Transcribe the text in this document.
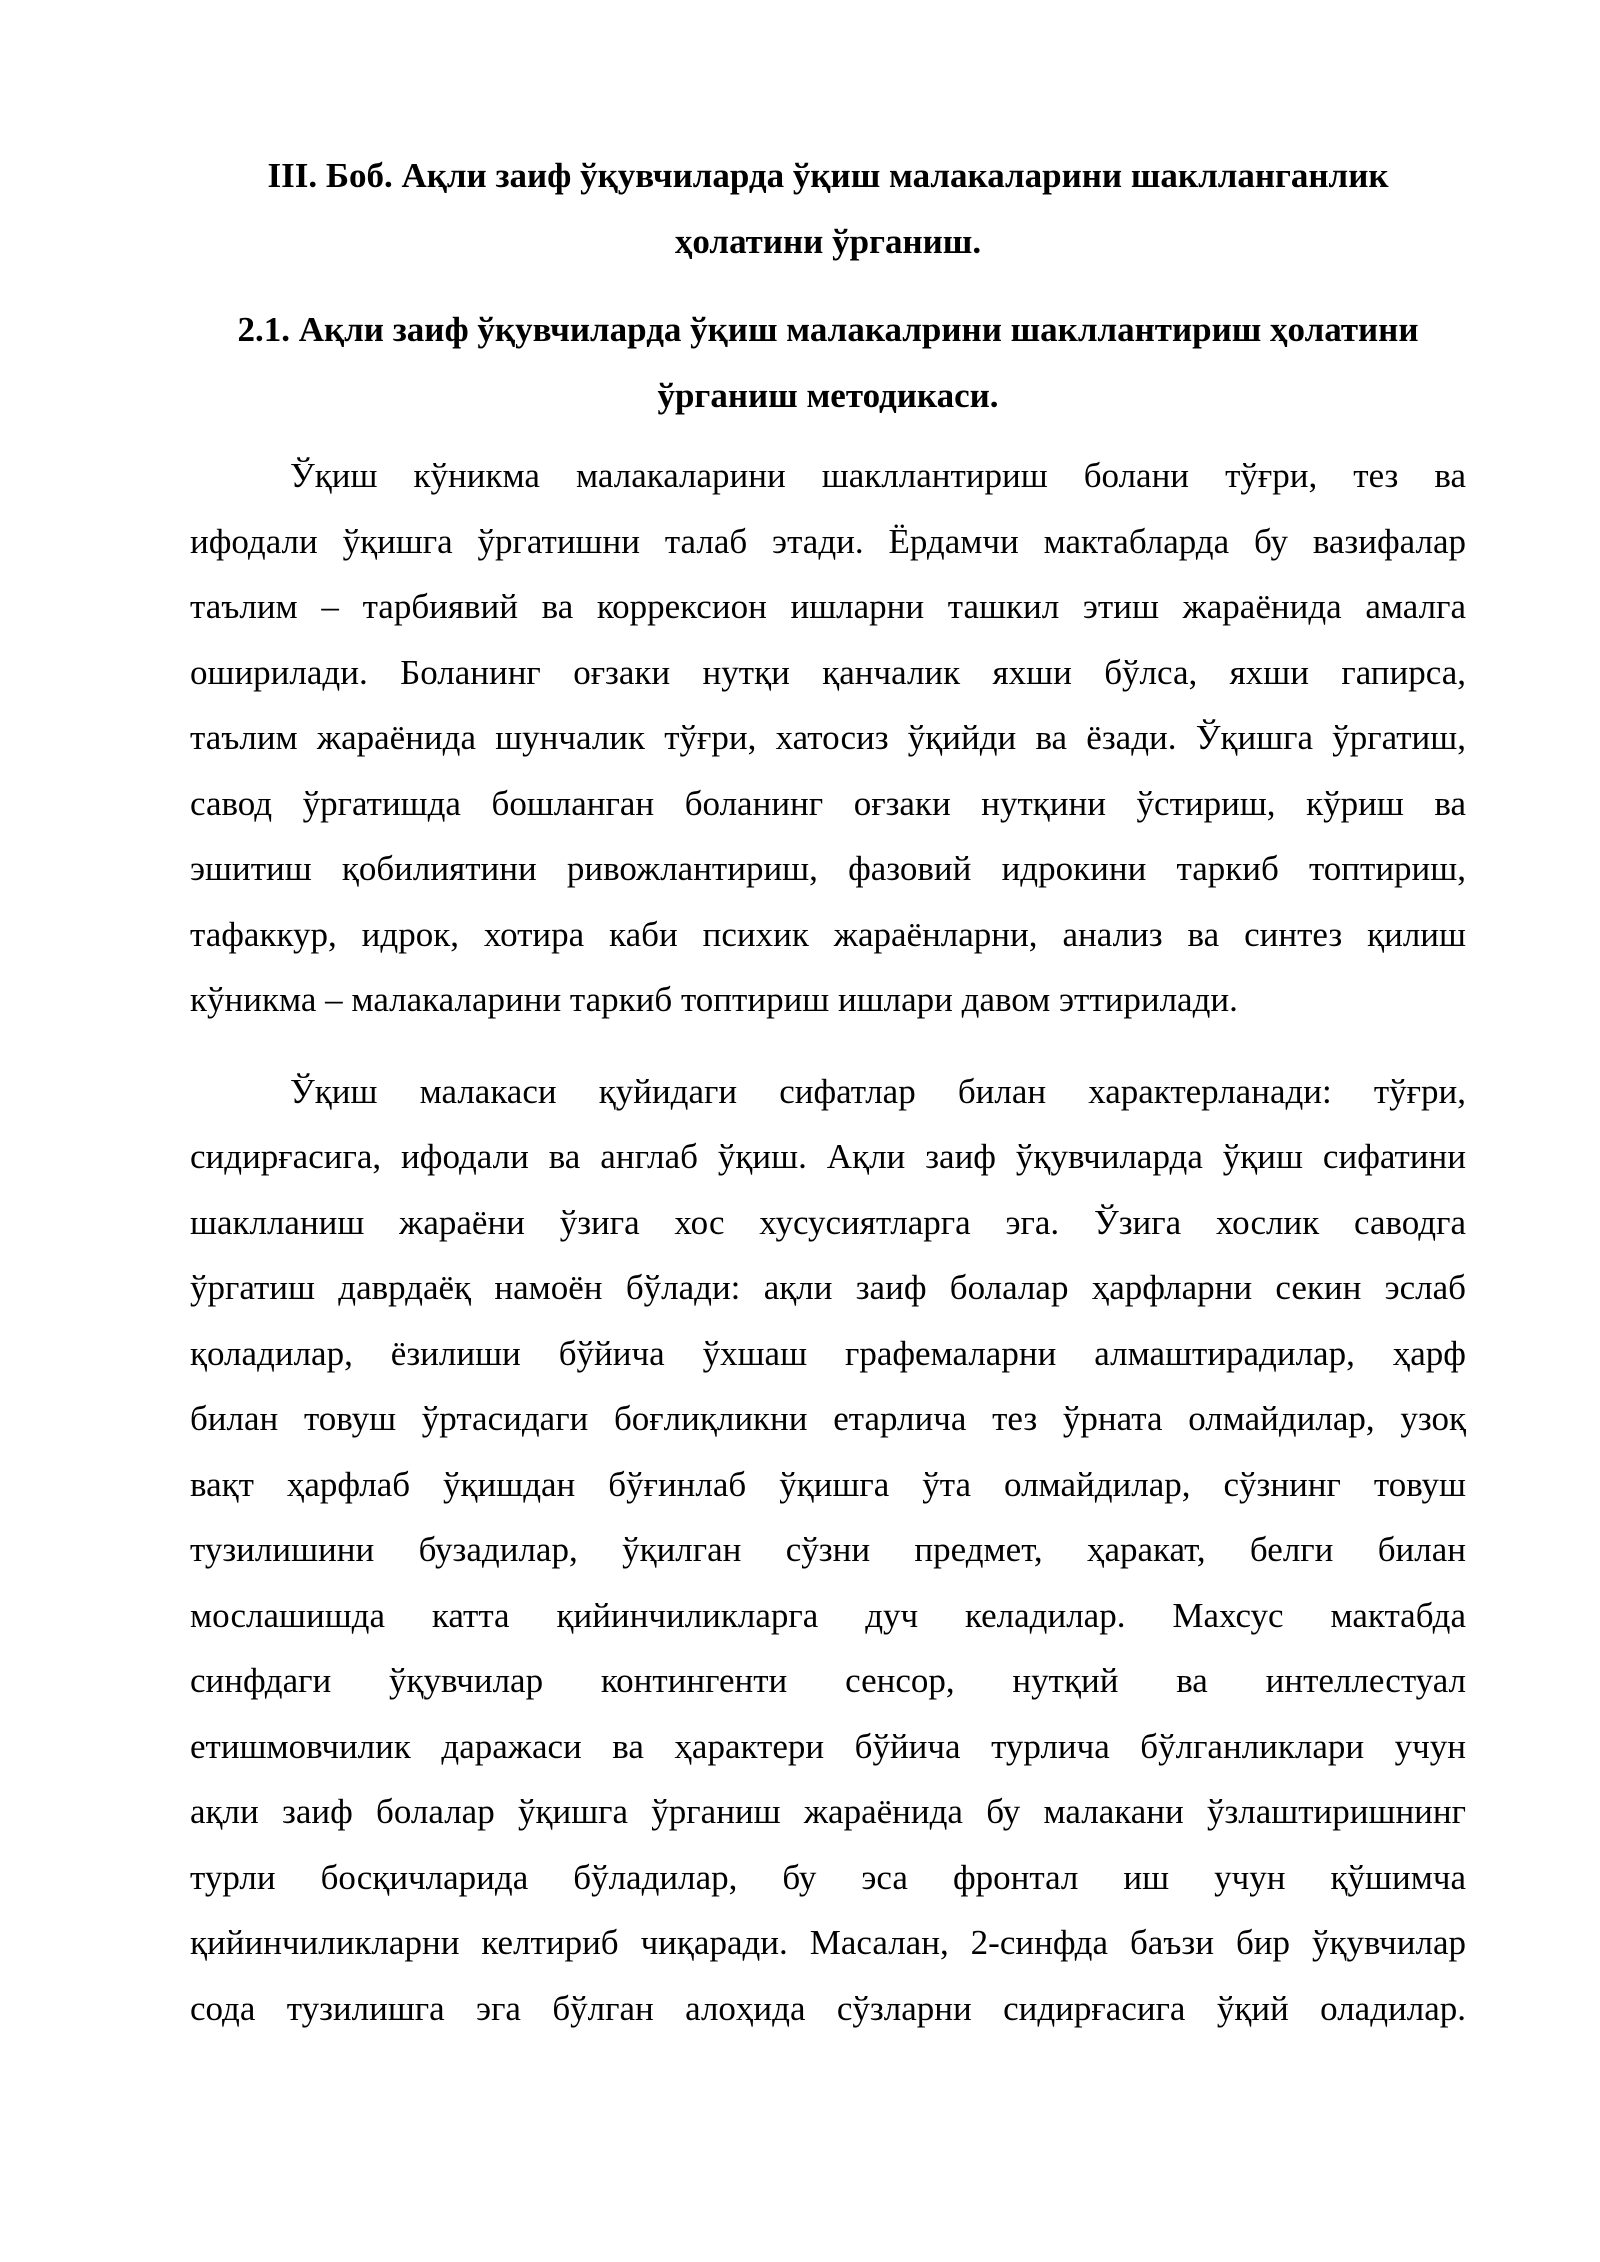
III. Боб. Ақли заиф ўқувчиларда ўқиш малакаларини шаклланганлик
ҳолатини ўрганиш.
2.1. Ақли заиф ўқувчиларда ўқиш малакалрини шакллантириш ҳолатини
ўрганиш методикаси.
Ўқиш кўникма малакаларини шакллантириш болани тўғри, тез ва
ифодали ўқишга ўргатишни талаб этади. Ёрдамчи мактабларда бу вазифалар
таълим – тарбиявий ва коррексион ишларни ташкил этиш жараёнида амалга
оширилади. Боланинг оғзаки нутқи қанчалик яхши бўлса, яхши гапирса,
таълим жараёнида шунчалик тўғри, хатосиз ўқийди ва ёзади. Ўқишга ўргатиш,
савод ўргатишда бошланган боланинг оғзаки нутқини ўстириш, кўриш ва
эшитиш қобилиятини ривожлантириш, фазовий идрокини таркиб топтириш,
тафаккур, идрок, хотира каби психик жараёнларни, анализ ва синтез қилиш
кўникма – малакаларини таркиб топтириш ишлари давом эттирилади.
Ўқиш малакаси қуйидаги сифатлар билан характерланади: тўғри,
сидирғасига, ифодали ва англаб ўқиш. Ақли заиф ўқувчиларда ўқиш сифатини
шаклланиш жараёни ўзига хос хусусиятларга эга. Ўзига хослик саводга
ўргатиш даврдаёқ намоён бўлади: ақли заиф болалар ҳарфларни секин эслаб
қоладилар, ёзилиши бўйича ўхшаш графемаларни алмаштирадилар, ҳарф
билан товуш ўртасидаги боғлиқликни етарлича тез ўрната олмайдилар, узоқ
вақт ҳарфлаб ўқишдан бўғинлаб ўқишга ўта олмайдилар, сўзнинг товуш
тузилишини бузадилар, ўқилган сўзни предмет, ҳаракат, белги билан
мослашишда катта қийинчиликларга дуч келадилар. Махсус мактабда
синфдаги ўқувчилар контингенти сенсор, нутқий ва интеллестуал
етишмовчилик даражаси ва ҳарактери бўйича турлича бўлганликлари учун
ақли заиф болалар ўқишга ўрганиш жараёнида бу малакани ўзлаштиришнинг
турли босқичларида бўладилар, бу эса фронтал иш учун қўшимча
қийинчиликларни келтириб чиқаради. Масалан, 2-синфда баъзи бир ўқувчилар
сода тузилишга эга бўлган алоҳида сўзларни сидирғасига ўқий оладилар.
